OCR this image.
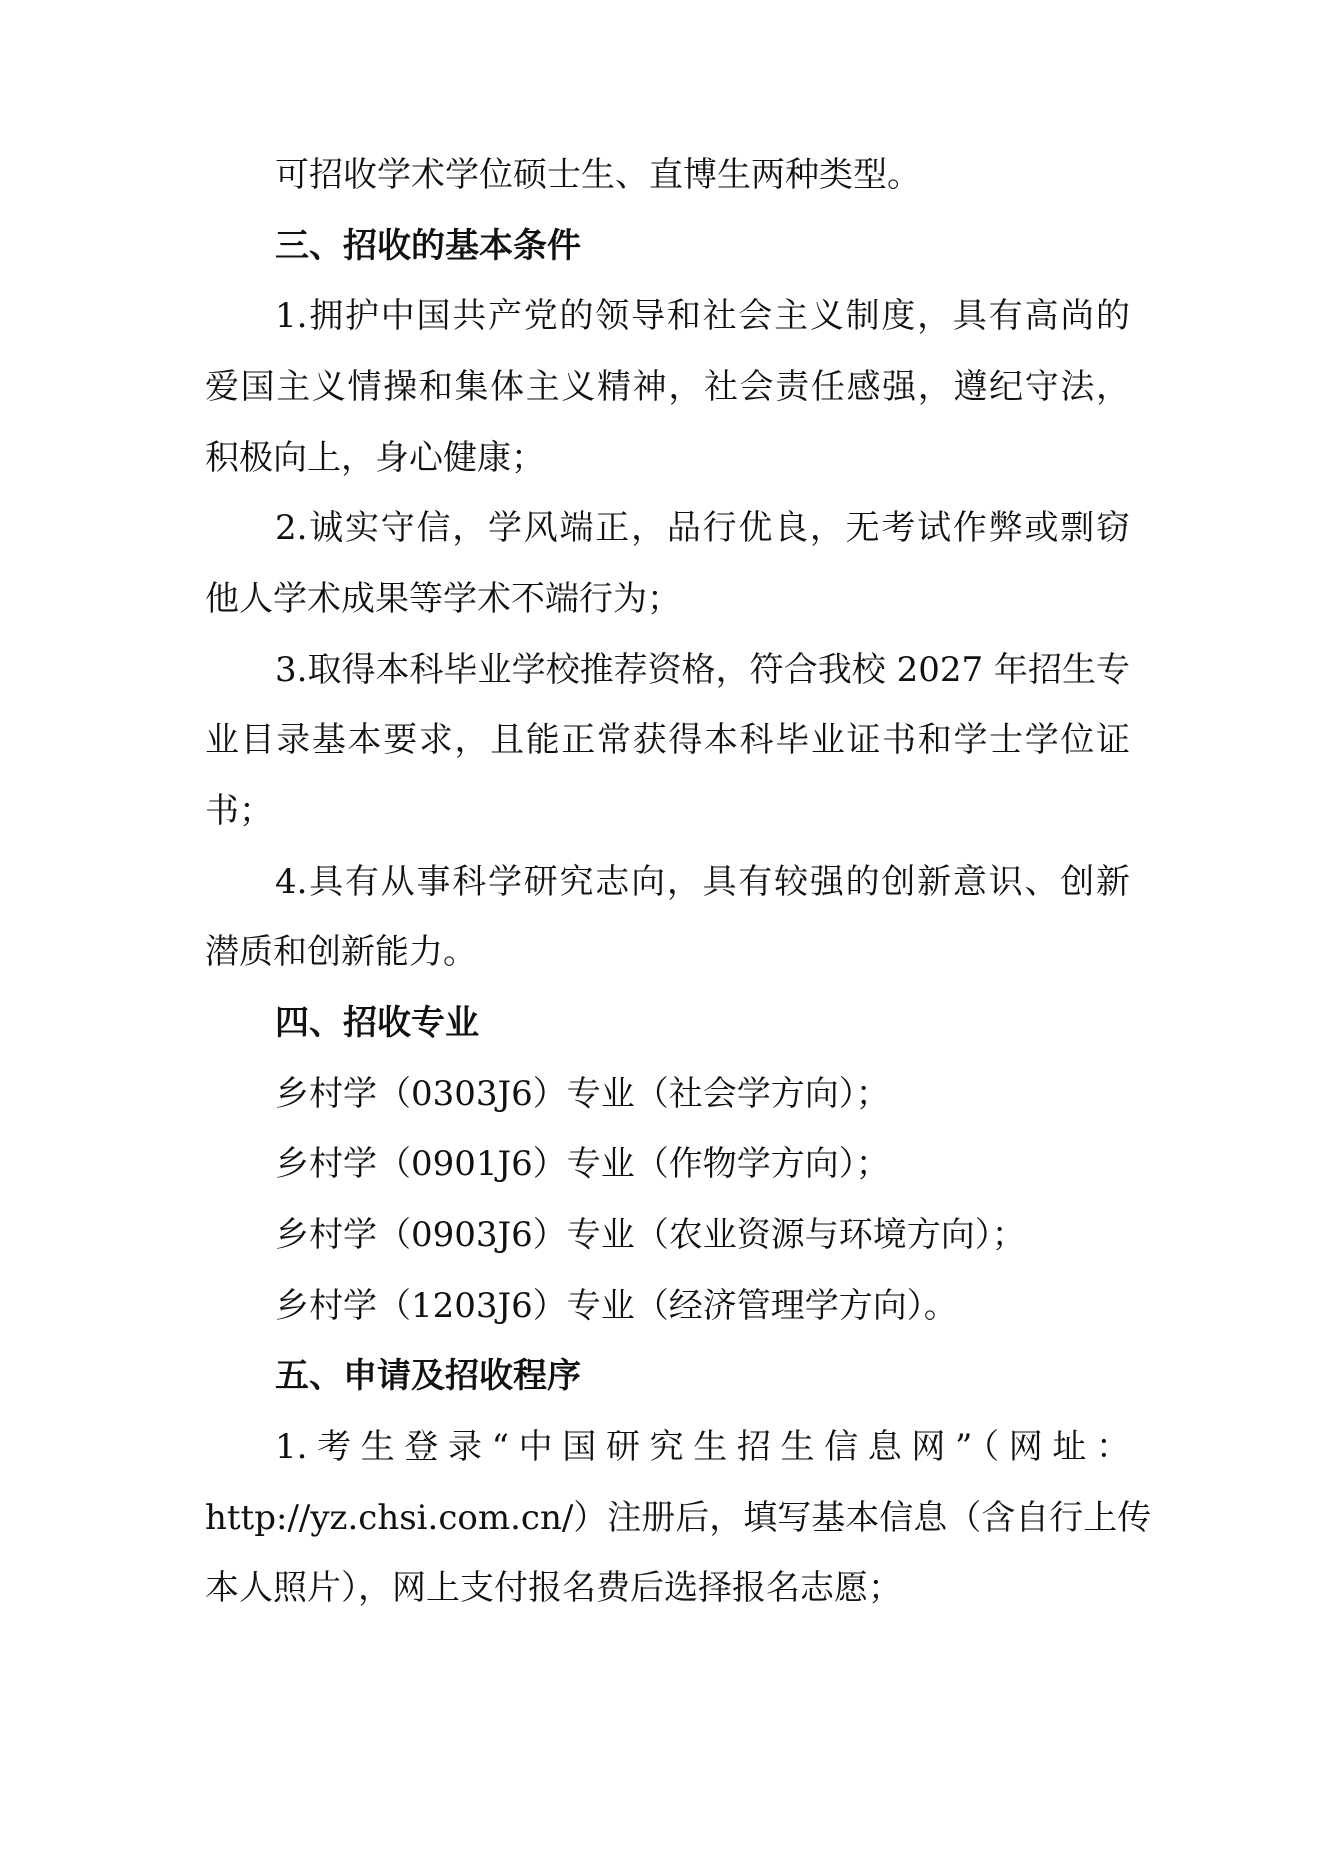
可招收学术学位硕士生、直博生两种类型。
三、招收的基本条件
1.拥护中国共产党的领导和社会主义制度，具有高尚的
爱国主义情操和集体主义精神，社会责任感强，遵纪守法，
积极向上，身心健康；
2.诚实守信，学风端正，品行优良，无考试作弊或剽窃
他人学术成果等学术不端行为；
3.取得本科毕业学校推荐资格，符合我校 2027 年招生专
业目录基本要求，且能正常获得本科毕业证书和学士学位证
书；
4.具有从事科学研究志向，具有较强的创新意识、创新
潜质和创新能力。
四、招收专业
乡村学（0303J6）专业（社会学方向）；
乡村学（0901J6）专业（作物学方向）；
乡村学（0903J6）专业（农业资源与环境方向）；
乡村学（1203J6）专业（经济管理学方向）。
五、申请及招收程序
1.考生登录“中国研究生招生信息网”（网址：
http://yz.chsi.com.cn/）注册后，填写基本信息（含自行上传
本人照片），网上支付报名费后选择报名志愿；
